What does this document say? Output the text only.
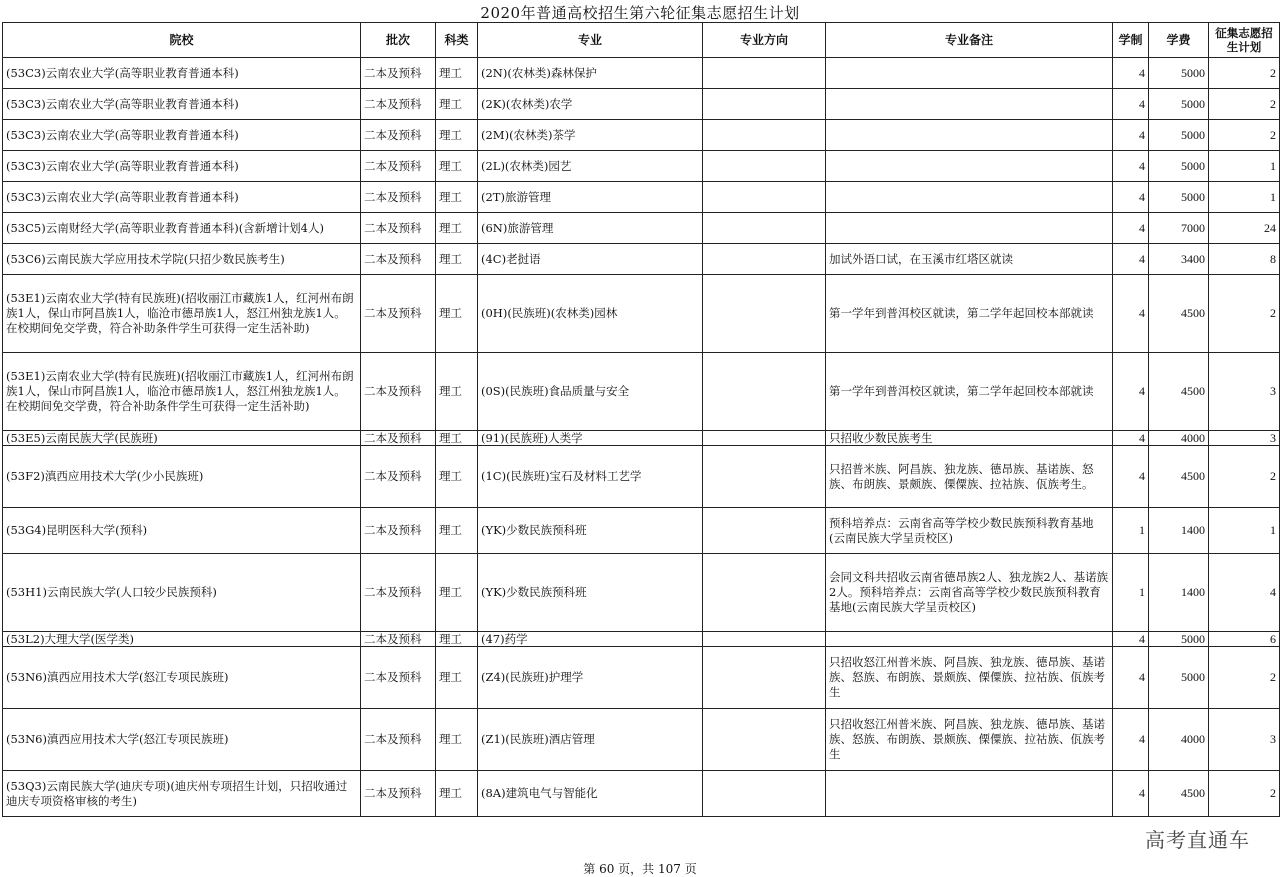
2020年普通高校招生第六轮征集志愿招生计划
院校	批次	科类	专业	专业方向	专业备注	学制	学费	征集志愿招生计划
(53C3)云南农业大学(高等职业教育普通本科)	二本及预科	理工	(2N)(农林类)森林保护			4	5000	2
(53C3)云南农业大学(高等职业教育普通本科)	二本及预科	理工	(2K)(农林类)农学			4	5000	2
(53C3)云南农业大学(高等职业教育普通本科)	二本及预科	理工	(2M)(农林类)茶学			4	5000	2
(53C3)云南农业大学(高等职业教育普通本科)	二本及预科	理工	(2L)(农林类)园艺			4	5000	1
(53C3)云南农业大学(高等职业教育普通本科)	二本及预科	理工	(2T)旅游管理			4	5000	1
(53C5)云南财经大学(高等职业教育普通本科)(含新增计划4人)	二本及预科	理工	(6N)旅游管理			4	7000	24
(53C6)云南民族大学应用技术学院(只招少数民族考生)	二本及预科	理工	(4C)老挝语		加试外语口试，在玉溪市红塔区就读	4	3400	8
(53E1)云南农业大学(特有民族班)(招收丽江市藏族1人，红河州布朗族1人，保山市阿昌族1人，临沧市德昂族1人，怒江州独龙族1人。在校期间免交学费，符合补助条件学生可获得一定生活补助)	二本及预科	理工	(0H)(民族班)(农林类)园林		第一学年到普洱校区就读，第二学年起回校本部就读	4	4500	2
(53E1)云南农业大学(特有民族班)(招收丽江市藏族1人，红河州布朗族1人，保山市阿昌族1人，临沧市德昂族1人，怒江州独龙族1人。在校期间免交学费，符合补助条件学生可获得一定生活补助)	二本及预科	理工	(0S)(民族班)食品质量与安全		第一学年到普洱校区就读，第二学年起回校本部就读	4	4500	3
(53E5)云南民族大学(民族班)	二本及预科	理工	(91)(民族班)人类学		只招收少数民族考生	4	4000	3
(53F2)滇西应用技术大学(少小民族班)	二本及预科	理工	(1C)(民族班)宝石及材料工艺学		只招普米族、阿昌族、独龙族、德昂族、基诺族、怒族、布朗族、景颇族、傈僳族、拉祜族、佤族考生。	4	4500	2
(53G4)昆明医科大学(预科)	二本及预科	理工	(YK)少数民族预科班		预科培养点：云南省高等学校少数民族预科教育基地(云南民族大学呈贡校区)	1	1400	1
(53H1)云南民族大学(人口较少民族预科)	二本及预科	理工	(YK)少数民族预科班		会同文科共招收云南省德昂族2人、独龙族2人、基诺族2人。预科培养点：云南省高等学校少数民族预科教育基地(云南民族大学呈贡校区)	1	1400	4
(53L2)大理大学(医学类)	二本及预科	理工	(47)药学			4	5000	6
(53N6)滇西应用技术大学(怒江专项民族班)	二本及预科	理工	(Z4)(民族班)护理学		只招收怒江州普米族、阿昌族、独龙族、德昂族、基诺族、怒族、布朗族、景颇族、傈僳族、拉祜族、佤族考生	4	5000	2
(53N6)滇西应用技术大学(怒江专项民族班)	二本及预科	理工	(Z1)(民族班)酒店管理		只招收怒江州普米族、阿昌族、独龙族、德昂族、基诺族、怒族、布朗族、景颇族、傈僳族、拉祜族、佤族考生	4	4000	3
(53Q3)云南民族大学(迪庆专项)(迪庆州专项招生计划，只招收通过迪庆专项资格审核的考生)	二本及预科	理工	(8A)建筑电气与智能化			4	4500	2
高考直通车
第 60 页，共 107 页
